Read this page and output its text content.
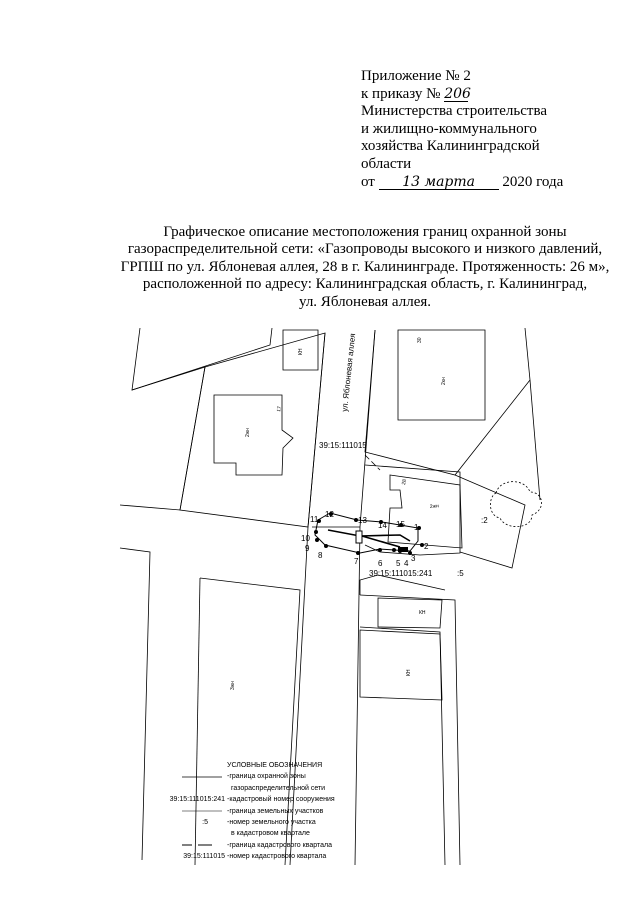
Приложение № 2
к приказу № 206
Министерства строительства
и жилищно-коммунального
хозяйства Калининградской
области
от 13 марта 2020 года
Графическое описание местоположения границ охранной зоны
газораспределительной сети: «Газопроводы высокого и низкого давлений,
ГРПШ по ул. Яблоневая аллея, 28 в г. Калининграде. Протяженность: 26 м»,
расположенной по адресу: Калининградская область, г. Калининград,
ул. Яблоневая аллея.
1
2
3
4
5
6
7
8
9
10
11
12
13
14 15
39:15:111015
39:15:111015:241
:2
:5
ул. Яблоневая аллея
2жн
2жн
2кн
КН
КН
КН
3жн
17
28
30
УСЛОВНЫЕ ОБОЗНАЧЕНИЯ
-граница охранной зоны
газораспределительной сети
39:15:111015:241 -кадастровый номер сооружения
-граница земельных участков
:5	-номер земельного участка
в кадастровом квартале
-граница кадастрового квартала
39:15:111015 -номер кадастрового квартала
